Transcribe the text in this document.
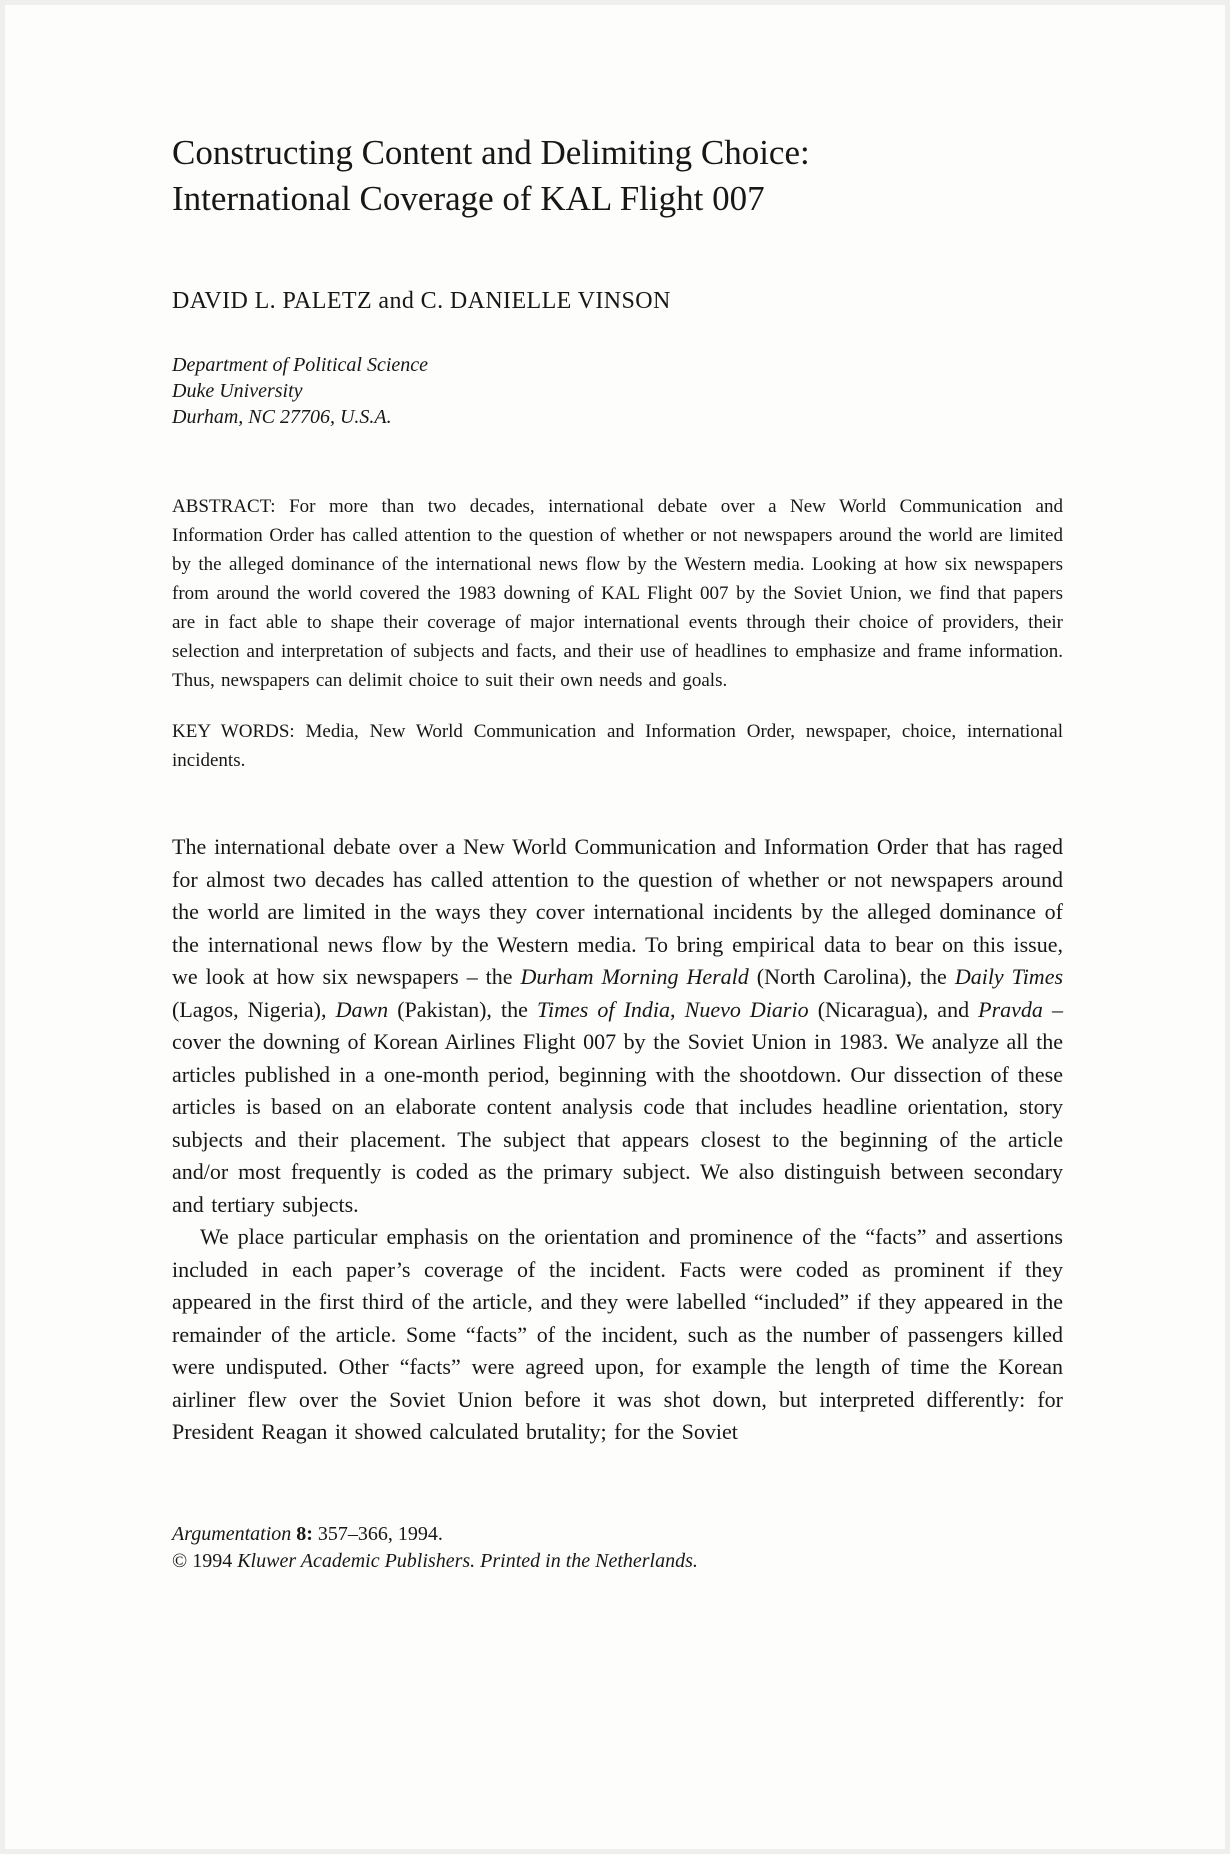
Constructing Content and Delimiting Choice:
International Coverage of KAL Flight 007
DAVID L. PALETZ and C. DANIELLE VINSON
Department of Political Science
Duke University
Durham, NC 27706, U.S.A.
ABSTRACT: For more than two decades, international debate over a New World Communication and Information Order has called attention to the question of whether or not newspapers around the world are limited by the alleged dominance of the international news flow by the Western media. Looking at how six newspapers from around the world covered the 1983 downing of KAL Flight 007 by the Soviet Union, we find that papers are in fact able to shape their coverage of major international events through their choice of providers, their selection and interpretation of subjects and facts, and their use of headlines to emphasize and frame information. Thus, newspapers can delimit choice to suit their own needs and goals.
KEY WORDS: Media, New World Communication and Information Order, newspaper, choice, international incidents.

The international debate over a New World Communication and Information Order that has raged for almost two decades has called attention to the question of whether or not newspapers around the world are limited in the ways they cover international incidents by the alleged dominance of the international news flow by the Western media. To bring empirical data to bear on this issue, we look at how six newspapers – the Durham Morning Herald (North Carolina), the Daily Times (Lagos, Nigeria), Dawn (Pakistan), the Times of India, Nuevo Diario (Nicaragua), and Pravda – cover the downing of Korean Airlines Flight 007 by the Soviet Union in 1983. We analyze all the articles published in a one-month period, beginning with the shootdown. Our dissection of these articles is based on an elaborate content analysis code that includes headline orientation, story subjects and their placement. The subject that appears closest to the beginning of the article and/or most frequently is coded as the primary subject. We also distinguish between secondary and tertiary subjects.

We place particular emphasis on the orientation and prominence of the “facts” and assertions included in each paper’s coverage of the incident. Facts were coded as prominent if they appeared in the first third of the article, and they were labelled “included” if they appeared in the remainder of the article. Some “facts” of the incident, such as the number of passengers killed were undisputed. Other “facts” were agreed upon, for example the length of time the Korean airliner flew over the Soviet Union before it was shot down, but interpreted differently: for President Reagan it showed calculated brutality; for the Soviet

Argumentation 8: 357–366, 1994.
© 1994 Kluwer Academic Publishers. Printed in the Netherlands.
